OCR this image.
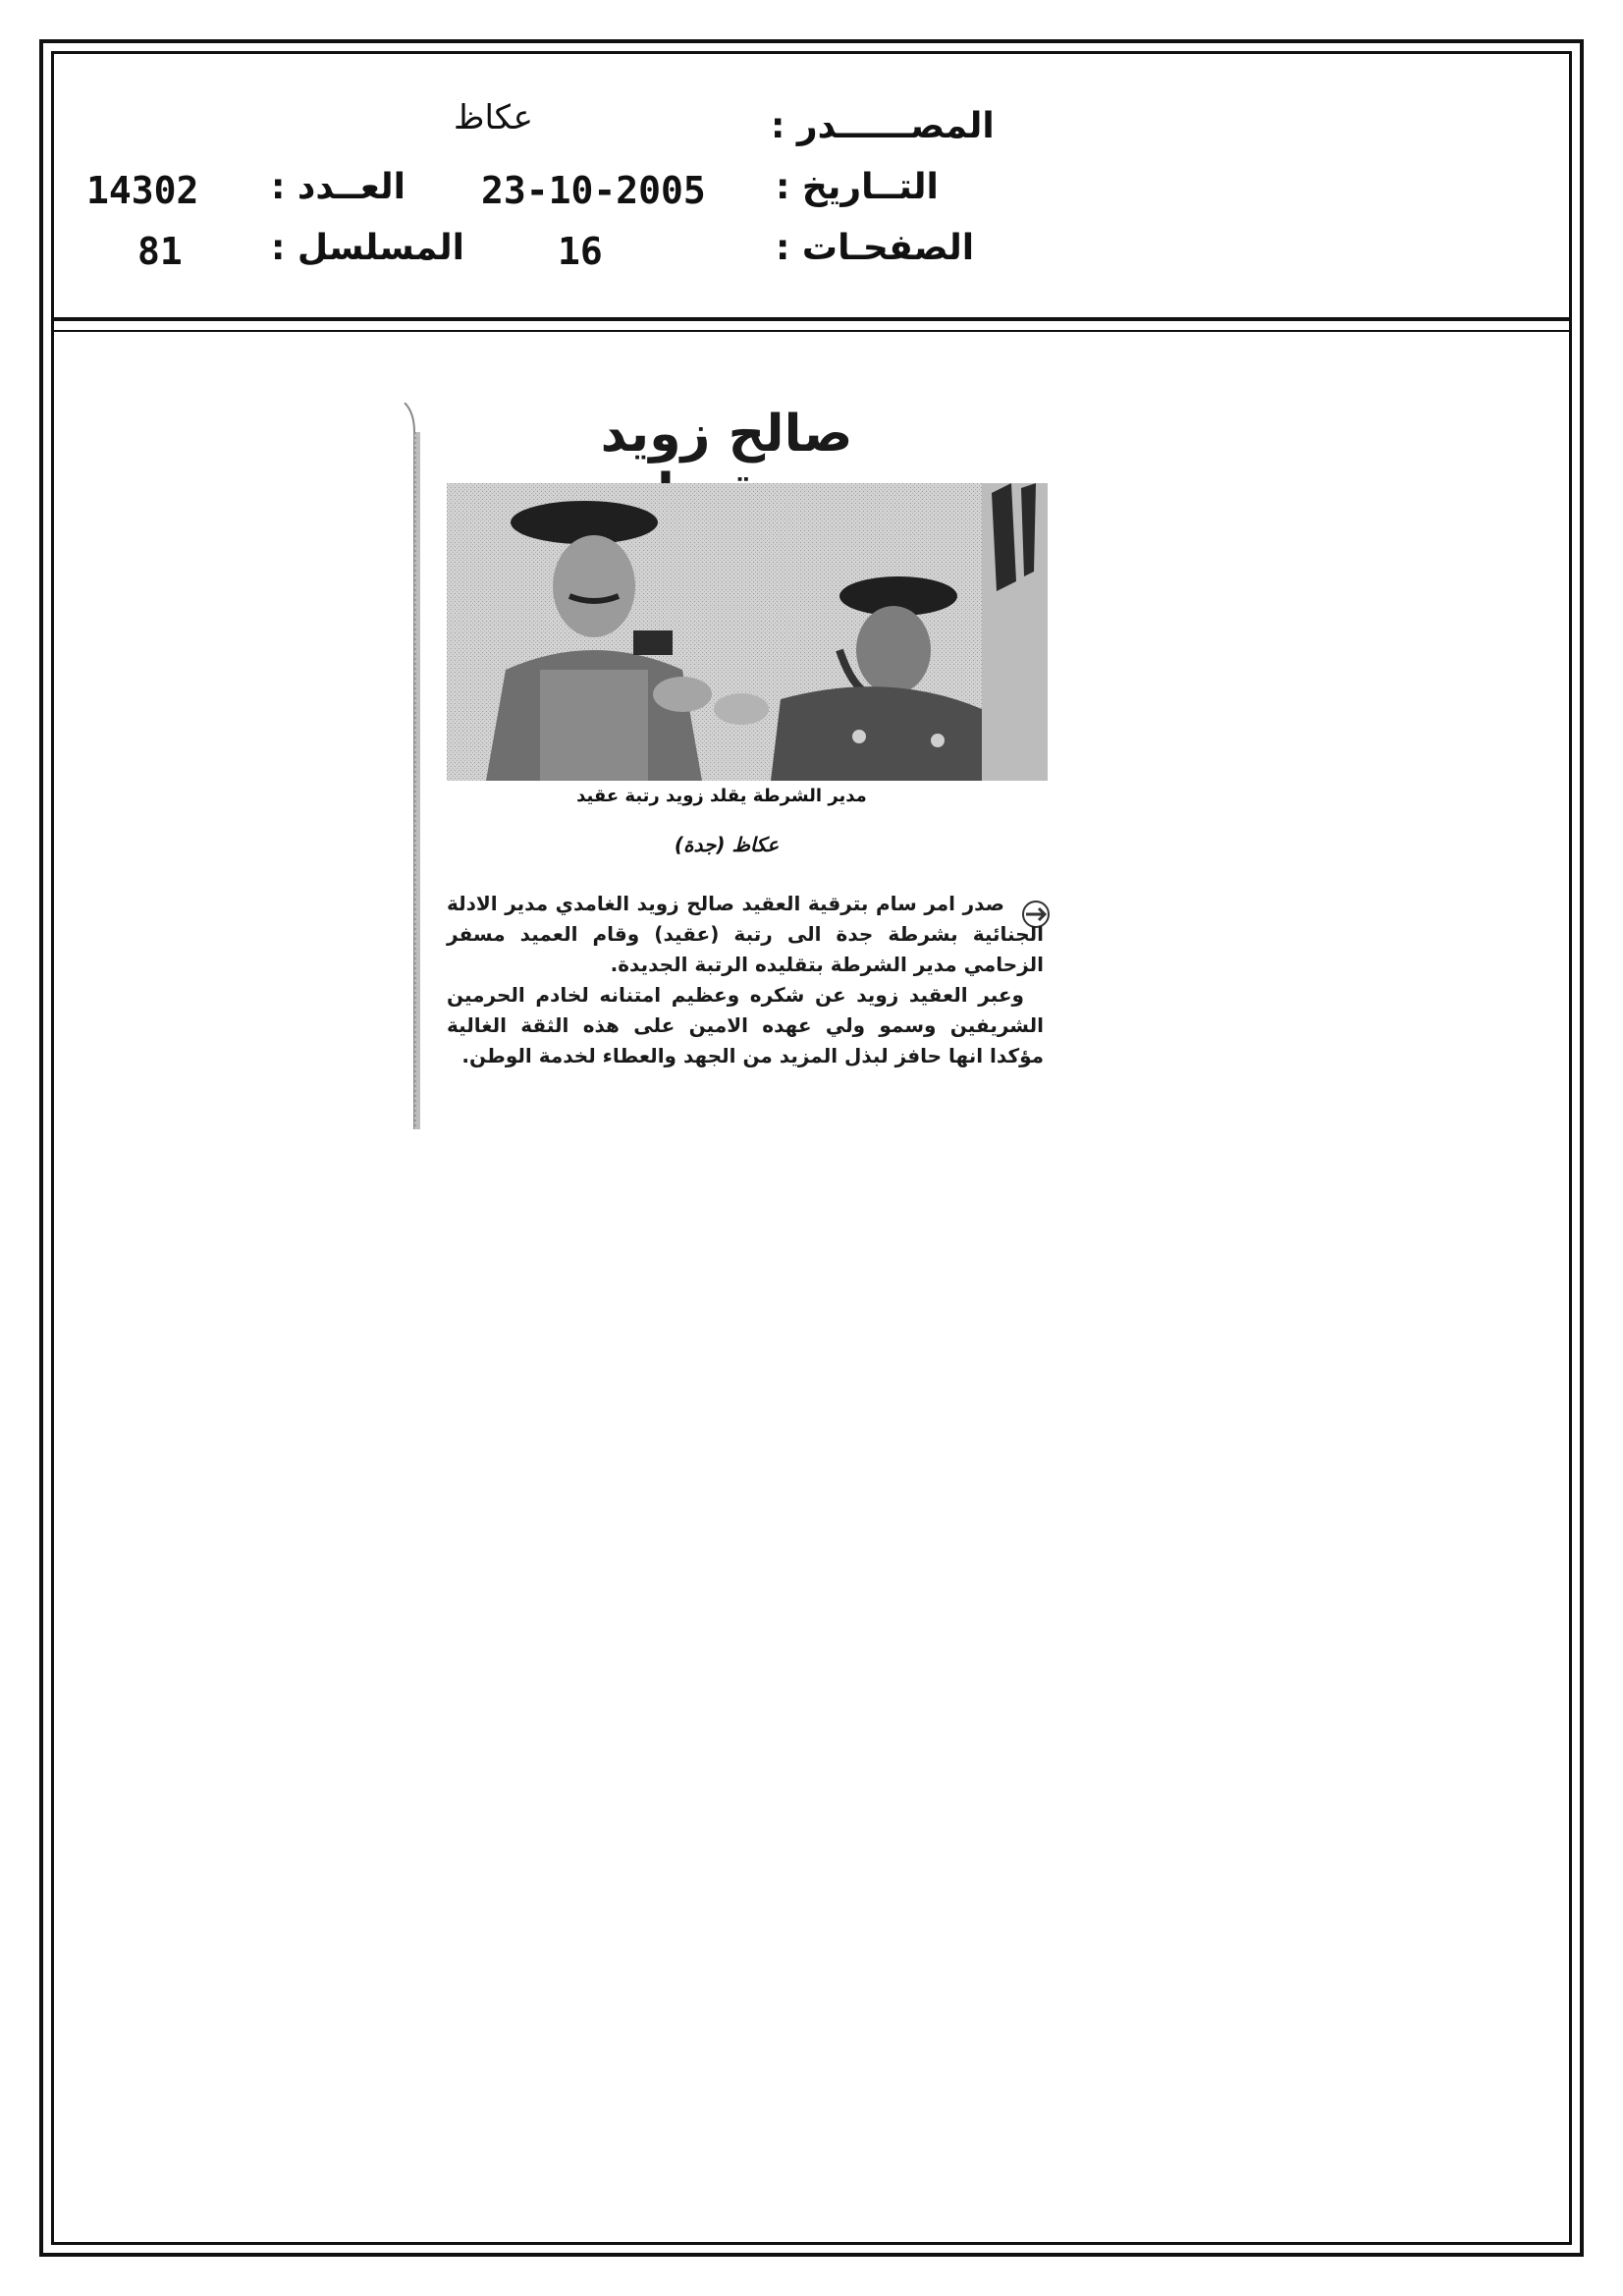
المصــــــدر :
عكاظ
التــاريخ :
23-10-2005
العــدد :
14302
الصفحـات :
16
المسلسل :
81
صالح زويد
مدير الشرطة يقلد زويد رتبة عقيد
عكاظ (جدة)

صدر امر سام بترقية العقيد صالح زويد الغامدي مدير الادلة الجنائية بشرطة جدة الى رتبة (عقيد) وقام العميد مسفر الزحامي مدير الشرطة بتقليده الرتبة الجديدة.

وعبر العقيد زويد عن شكره وعظيم امتنانه لخادم الحرمين الشريفين وسمو ولي عهده الامين على هذه الثقة الغالية مؤكدا انها حافز لبذل المزيد من الجهد والعطاء لخدمة الوطن.
